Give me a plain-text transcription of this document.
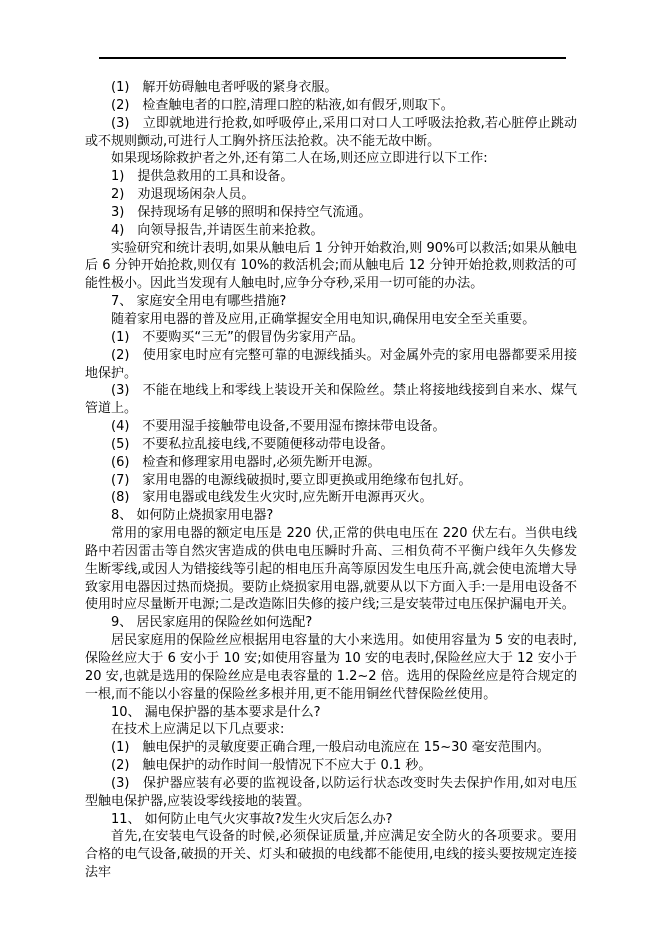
(1)　解开妨碍触电者呼吸的紧身衣服。

(2)　检查触电者的口腔,清理口腔的粘液,如有假牙,则取下。

(3)　立即就地进行抢救,如呼吸停止,采用口对口人工呼吸法抢救,若心脏停止跳动或不规则颤动,可进行人工胸外挤压法抢救。决不能无故中断。

如果现场除救护者之外,还有第二人在场,则还应立即进行以下工作:

1)　提供急救用的工具和设备。

2)　劝退现场闲杂人员。

3)　保持现场有足够的照明和保持空气流通。

4)　向领导报告,并请医生前来抢救。

实验研究和统计表明,如果从触电后 1 分钟开始救治,则 90%可以救活;如果从触电后 6 分钟开始抢救,则仅有 10%的救活机会;而从触电后 12 分钟开始抢救,则救活的可能性极小。因此当发现有人触电时,应争分夺秒,采用一切可能的办法。

7、 家庭安全用电有哪些措施?

随着家用电器的普及应用,正确掌握安全用电知识,确保用电安全至关重要。

(1)　不要购买“三无”的假冒伪劣家用产品。

(2)　使用家电时应有完整可靠的电源线插头。对金属外壳的家用电器都要采用接地保护。

(3)　不能在地线上和零线上装设开关和保险丝。禁止将接地线接到自来水、煤气管道上。

(4)　不要用湿手接触带电设备,不要用湿布擦抹带电设备。

(5)　不要私拉乱接电线,不要随便移动带电设备。

(6)　检查和修理家用电器时,必须先断开电源。

(7)　家用电器的电源线破损时,要立即更换或用绝缘布包扎好。

(8)　家用电器或电线发生火灾时,应先断开电源再灭火。

8、 如何防止烧损家用电器?

常用的家用电器的额定电压是 220 伏,正常的供电电压在 220 伏左右。当供电线路中若因雷击等自然灾害造成的供电电压瞬时升高、三相负荷不平衡户线年久失修发生断零线,或因人为错接线等引起的相电压升高等原因发生电压升高,就会使电流增大导致家用电器因过热而烧损。要防止烧损家用电器,就要从以下方面入手:一是用电设备不使用时应尽量断开电源;二是改造陈旧失修的接户线;三是安装带过电压保护漏电开关。

9、 居民家庭用的保险丝如何选配?

居民家庭用的保险丝应根据用电容量的大小来选用。如使用容量为 5 安的电表时,保险丝应大于 6 安小于 10 安;如使用容量为 10 安的电表时,保险丝应大于 12 安小于 20 安,也就是选用的保险丝应是电表容量的 1.2~2 倍。选用的保险丝应是符合规定的一根,而不能以小容量的保险丝多根并用,更不能用铜丝代替保险丝使用。

10、 漏电保护器的基本要求是什么?

在技术上应满足以下几点要求:

(1)　触电保护的灵敏度要正确合理,一般启动电流应在 15~30 毫安范围内。

(2)　触电保护的动作时间一般情况下不应大于 0.1 秒。

(3)　保护器应装有必要的监视设备,以防运行状态改变时失去保护作用,如对电压型触电保护器,应装设零线接地的装置。

11、 如何防止电气火灾事故?发生火灾后怎么办?

首先,在安装电气设备的时候,必须保证质量,并应满足安全防火的各项要求。要用合格的电气设备,破损的开关、灯头和破损的电线都不能使用,电线的接头要按规定连接法牢
